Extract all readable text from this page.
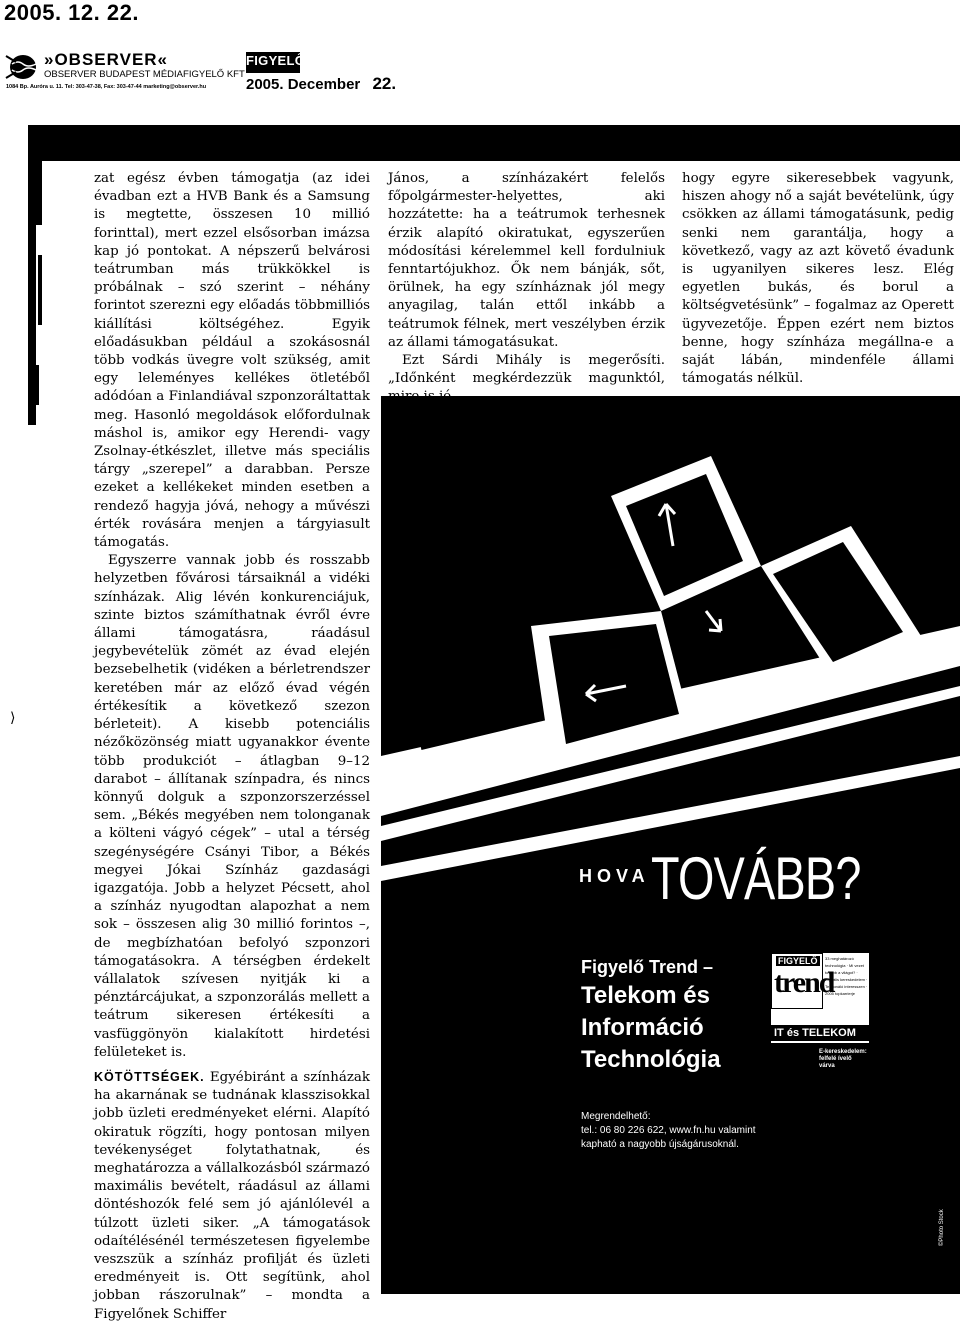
2005. 12. 22.
»OBSERVER«
OBSERVER BUDAPEST MÉDIAFIGYELŐ KFT
1084 Bp. Auróra u. 11. Tel: 303-47-38, Fax: 303-47-44 marketing@observer.hu
FIGYELŐ
2005. December 22.

zat egész évben támogatja (az idei évadban ezt a HVB Bank és a Samsung is megtette, összesen 10 millió forinttal), mert ezzel elsősorban imázsa kap jó pontokat. A népszerű belvárosi teátrumban más trükkökkel is próbálnak – szó szerint – néhány forintot szerezni egy előadás többmilliós kiállítási költségéhez. Egyik előadásukban például a szokásosnál több vodkás üvegre volt szükség, amit egy leleményes kellékes ötletéből adódóan a Finlandiával szponzoráltattak meg. Hasonló megoldások előfordulnak máshol is, amikor egy Herendi- vagy Zsolnay-étkészlet, illetve más speciális tárgy „szerepel” a darabban. Persze ezeket a kellékeket minden esetben a rendező hagyja jóvá, nehogy a művészi érték rovására menjen a tárgyiasult támogatás.

Egyszerre vannak jobb és rosszabb helyzetben fővárosi társaiknál a vidéki színházak. Alig lévén konkurenciájuk, szinte biztos számíthatnak évről évre állami támogatásra, ráadásul jegybevételük zömét az évad elején bezsebelhetik (vidéken a bérletrendszer keretében már az előző évad végén értékesítik a következő szezon bérleteit). A kisebb potenciális nézőközönség miatt ugyanakkor évente több produkciót – átlagban 9–12 darabot – állítanak színpadra, és nincs könnyű dolguk a szponzorszerzéssel sem. „Békés megyében nem tolonganak a költeni vágyó cégek” – utal a térség szegénységére Csányi Tibor, a Békés megyei Jókai Színház gazdasági igazgatója. Jobb a helyzet Pécsett, ahol a színház nyugodtan alapozhat a nem sok – összesen alig 30 millió forintos –, de megbízhatóan befolyó szponzori támogatásokra. A térségben érdekelt vállalatok szívesen nyitják ki a pénztárcájukat, a szponzorálás mellett a teátrum sikeresen értékesíti a vasfüggönyön kialakított hirdetési felületeket is.

KÖTÖTTSÉGEK. Egyébiránt a színházak ha akarnának se tudnának klasszisokkal jobb üzleti eredményeket elérni. Alapító okiratuk rögzíti, hogy pontosan milyen tevékenységet folytathatnak, és meghatározza a vállalkozásból származó maximális bevételt, ráadásul az állami döntéshozók felé sem jó ajánlólevél a túlzott üzleti siker. „A támogatások odaítélésénél természetesen figyelembe veszszük a színház profilját és üzleti eredményeit is. Ott segítünk, ahol jobban rászorulnak” – mondta a Figyelőnek Schiffer

János, a színházakért felelős főpolgármester-helyettes, aki hozzátette: ha a teátrumok terhesnek érzik alapító okiratukat, egyszerűen módosítási kérelemmel kell fordulniuk fenntartójukhoz. Ők nem bánják, sőt, örülnek, ha egy színháznak jól megy anyagilag, talán ettől inkább a teátrumok félnek, mert veszélyben érzik az állami támogatásukat.

Ezt Sárdi Mihály is megerősíti. „Időnként megkérdezzük magunktól,

hogy egyre sikeresebbek vagyunk, hiszen ahogy nő a saját bevételünk, úgy csökken az állami támogatásunk, pedig senki nem garantálja, hogy a következő, vagy az azt követő évadunk is ugyanilyen sikeres lesz. Elég egyetlen bukás, és borul a költségvetésünk” – fogalmaz az Operett ügyvezetője. Éppen ezért nem biztos benne, hogy színháza megállna-e a saját lábán, mindenféle állami támogatás nélkül.

⟩
HOVA TOVÁBB?
Figyelő Trend –
Telekom és
Információ
Technológia
Megrendelhető:
tel.: 06 80 226 622, www.fn.hu valamint kapható a nagyobb újságárusoknál.
FIGYELŐ
trend
33 meghatározó technológia · Mi vezet tovább a világot? · Digitális kereskedelem · Telefonáló interesszen · 2005 topkarrierje
IT és TELEKOM
E-kereskedelem: felfelé ívelő várva
©Photo Stock
